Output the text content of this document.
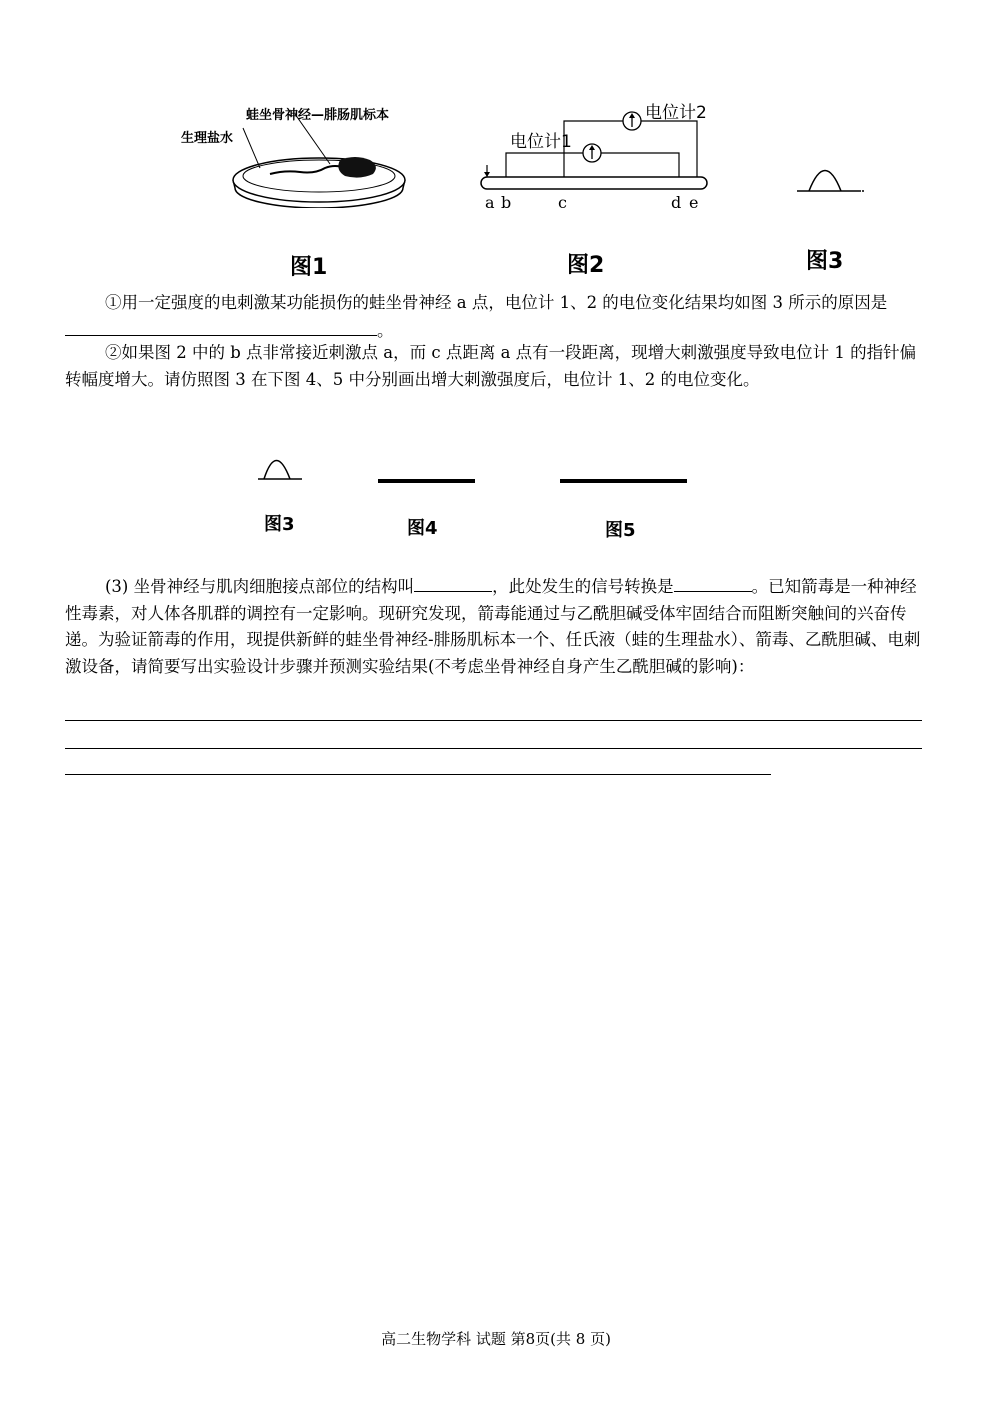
蛙坐骨神经—腓肠肌标本
生理盐水
图1
电位计1
电位计2
a b	c	d e
图2	图3
①用一定强度的电刺激某功能损伤的蛙坐骨神经 a 点，电位计 1、2 的电位变化结果均如图 3 所示的原因是。
②如果图 2 中的 b 点非常接近刺激点 a，而 c 点距离 a 点有一段距离，现增大刺激强度导致电位计 1 的指针偏转幅度增大。请仿照图 3 在下图 4、5 中分别画出增大刺激强度后，电位计 1、2 的电位变化。
图3	图4	图5
(3) 坐骨神经与肌肉细胞接点部位的结构叫	，此处发生的信号转换是	。已知箭毒是一种神经性毒素，对人体各肌群的调控有一定影响。现研究发现，箭毒能通过与乙酰胆碱受体牢固结合而阻断突触间的兴奋传递。为验证箭毒的作用，现提供新鲜的蛙坐骨神经-腓肠肌标本一个、任氏液（蛙的生理盐水）、箭毒、乙酰胆碱、电刺激设备，请简要写出实验设计步骤并预测实验结果(不考虑坐骨神经自身产生乙酰胆碱的影响)：
高二生物学科 试题 第8页(共 8 页)
